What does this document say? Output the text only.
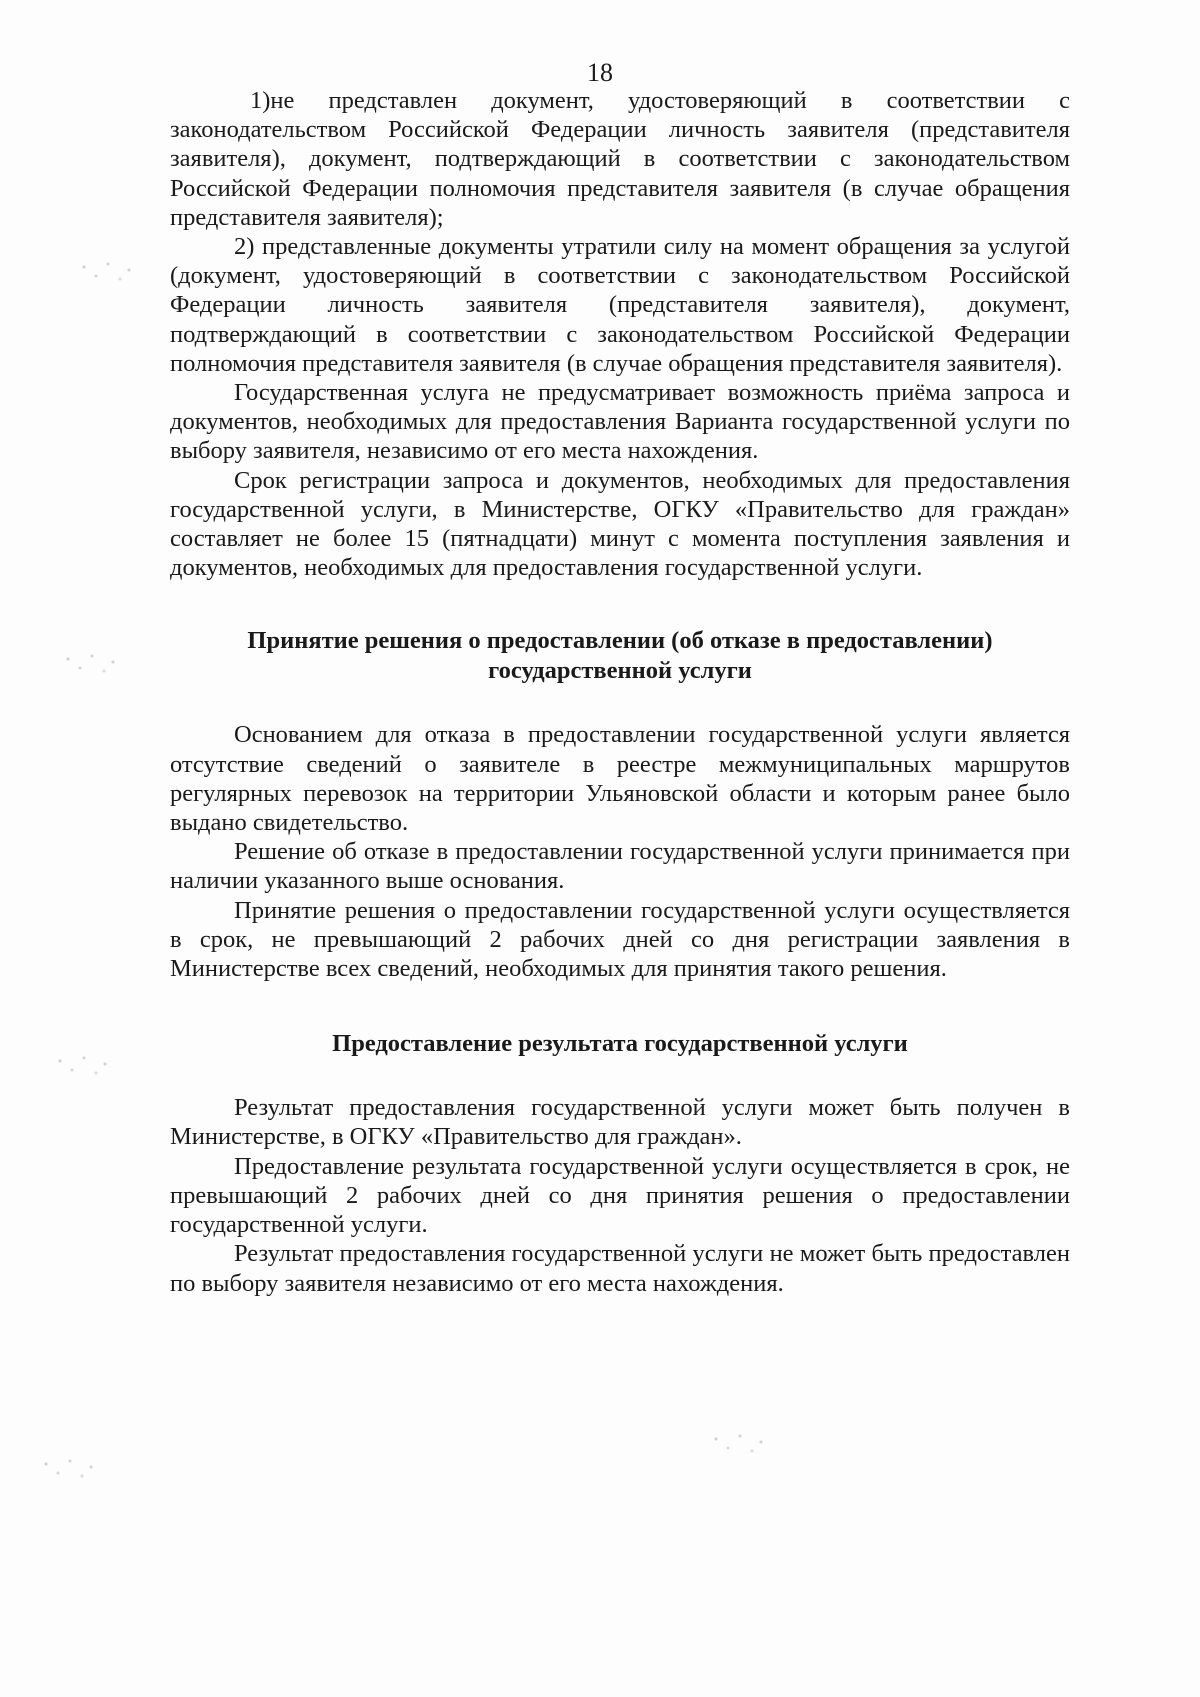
18

1)не представлен документ, удостоверяющий в соответствии с законодательством Российской Федерации личность заявителя (представителя заявителя), документ, подтверждающий в соответствии с законодательством Российской Федерации полномочия представителя заявителя (в случае обращения представителя заявителя);

2) представленные документы утратили силу на момент обращения за услугой (документ, удостоверяющий в соответствии с законодательством Российской Федерации личность заявителя (представителя заявителя), документ, подтверждающий в соответствии с законодательством Российской Федерации полномочия представителя заявителя (в случае обращения представителя заявителя).

Государственная услуга не предусматривает возможность приёма запроса и документов, необходимых для предоставления Варианта государственной услуги по выбору заявителя, независимо от его места нахождения.

Срок регистрации запроса и документов, необходимых для предоставления государственной услуги, в Министерстве, ОГКУ «Правительство для граждан» составляет не более 15 (пятнадцати) минут с момента поступления заявления и документов, необходимых для предоставления государственной услуги.

Принятие решения о предоставлении (об отказе в предоставлении) государственной услуги

Основанием для отказа в предоставлении государственной услуги является отсутствие сведений о заявителе в реестре межмуниципальных маршрутов регулярных перевозок на территории Ульяновской области и которым ранее было выдано свидетельство.

Решение об отказе в предоставлении государственной услуги принимается при наличии указанного выше основания.

Принятие решения о предоставлении государственной услуги осуществляется в срок, не превышающий 2 рабочих дней со дня регистрации заявления в Министерстве всех сведений, необходимых для принятия такого решения.

Предоставление результата государственной услуги

Результат предоставления государственной услуги может быть получен в Министерстве, в ОГКУ «Правительство для граждан».

Предоставление результата государственной услуги осуществляется в срок, не превышающий 2 рабочих дней со дня принятия решения о предоставлении государственной услуги.

Результат предоставления государственной услуги не может быть предоставлен по выбору заявителя независимо от его места нахождения.
